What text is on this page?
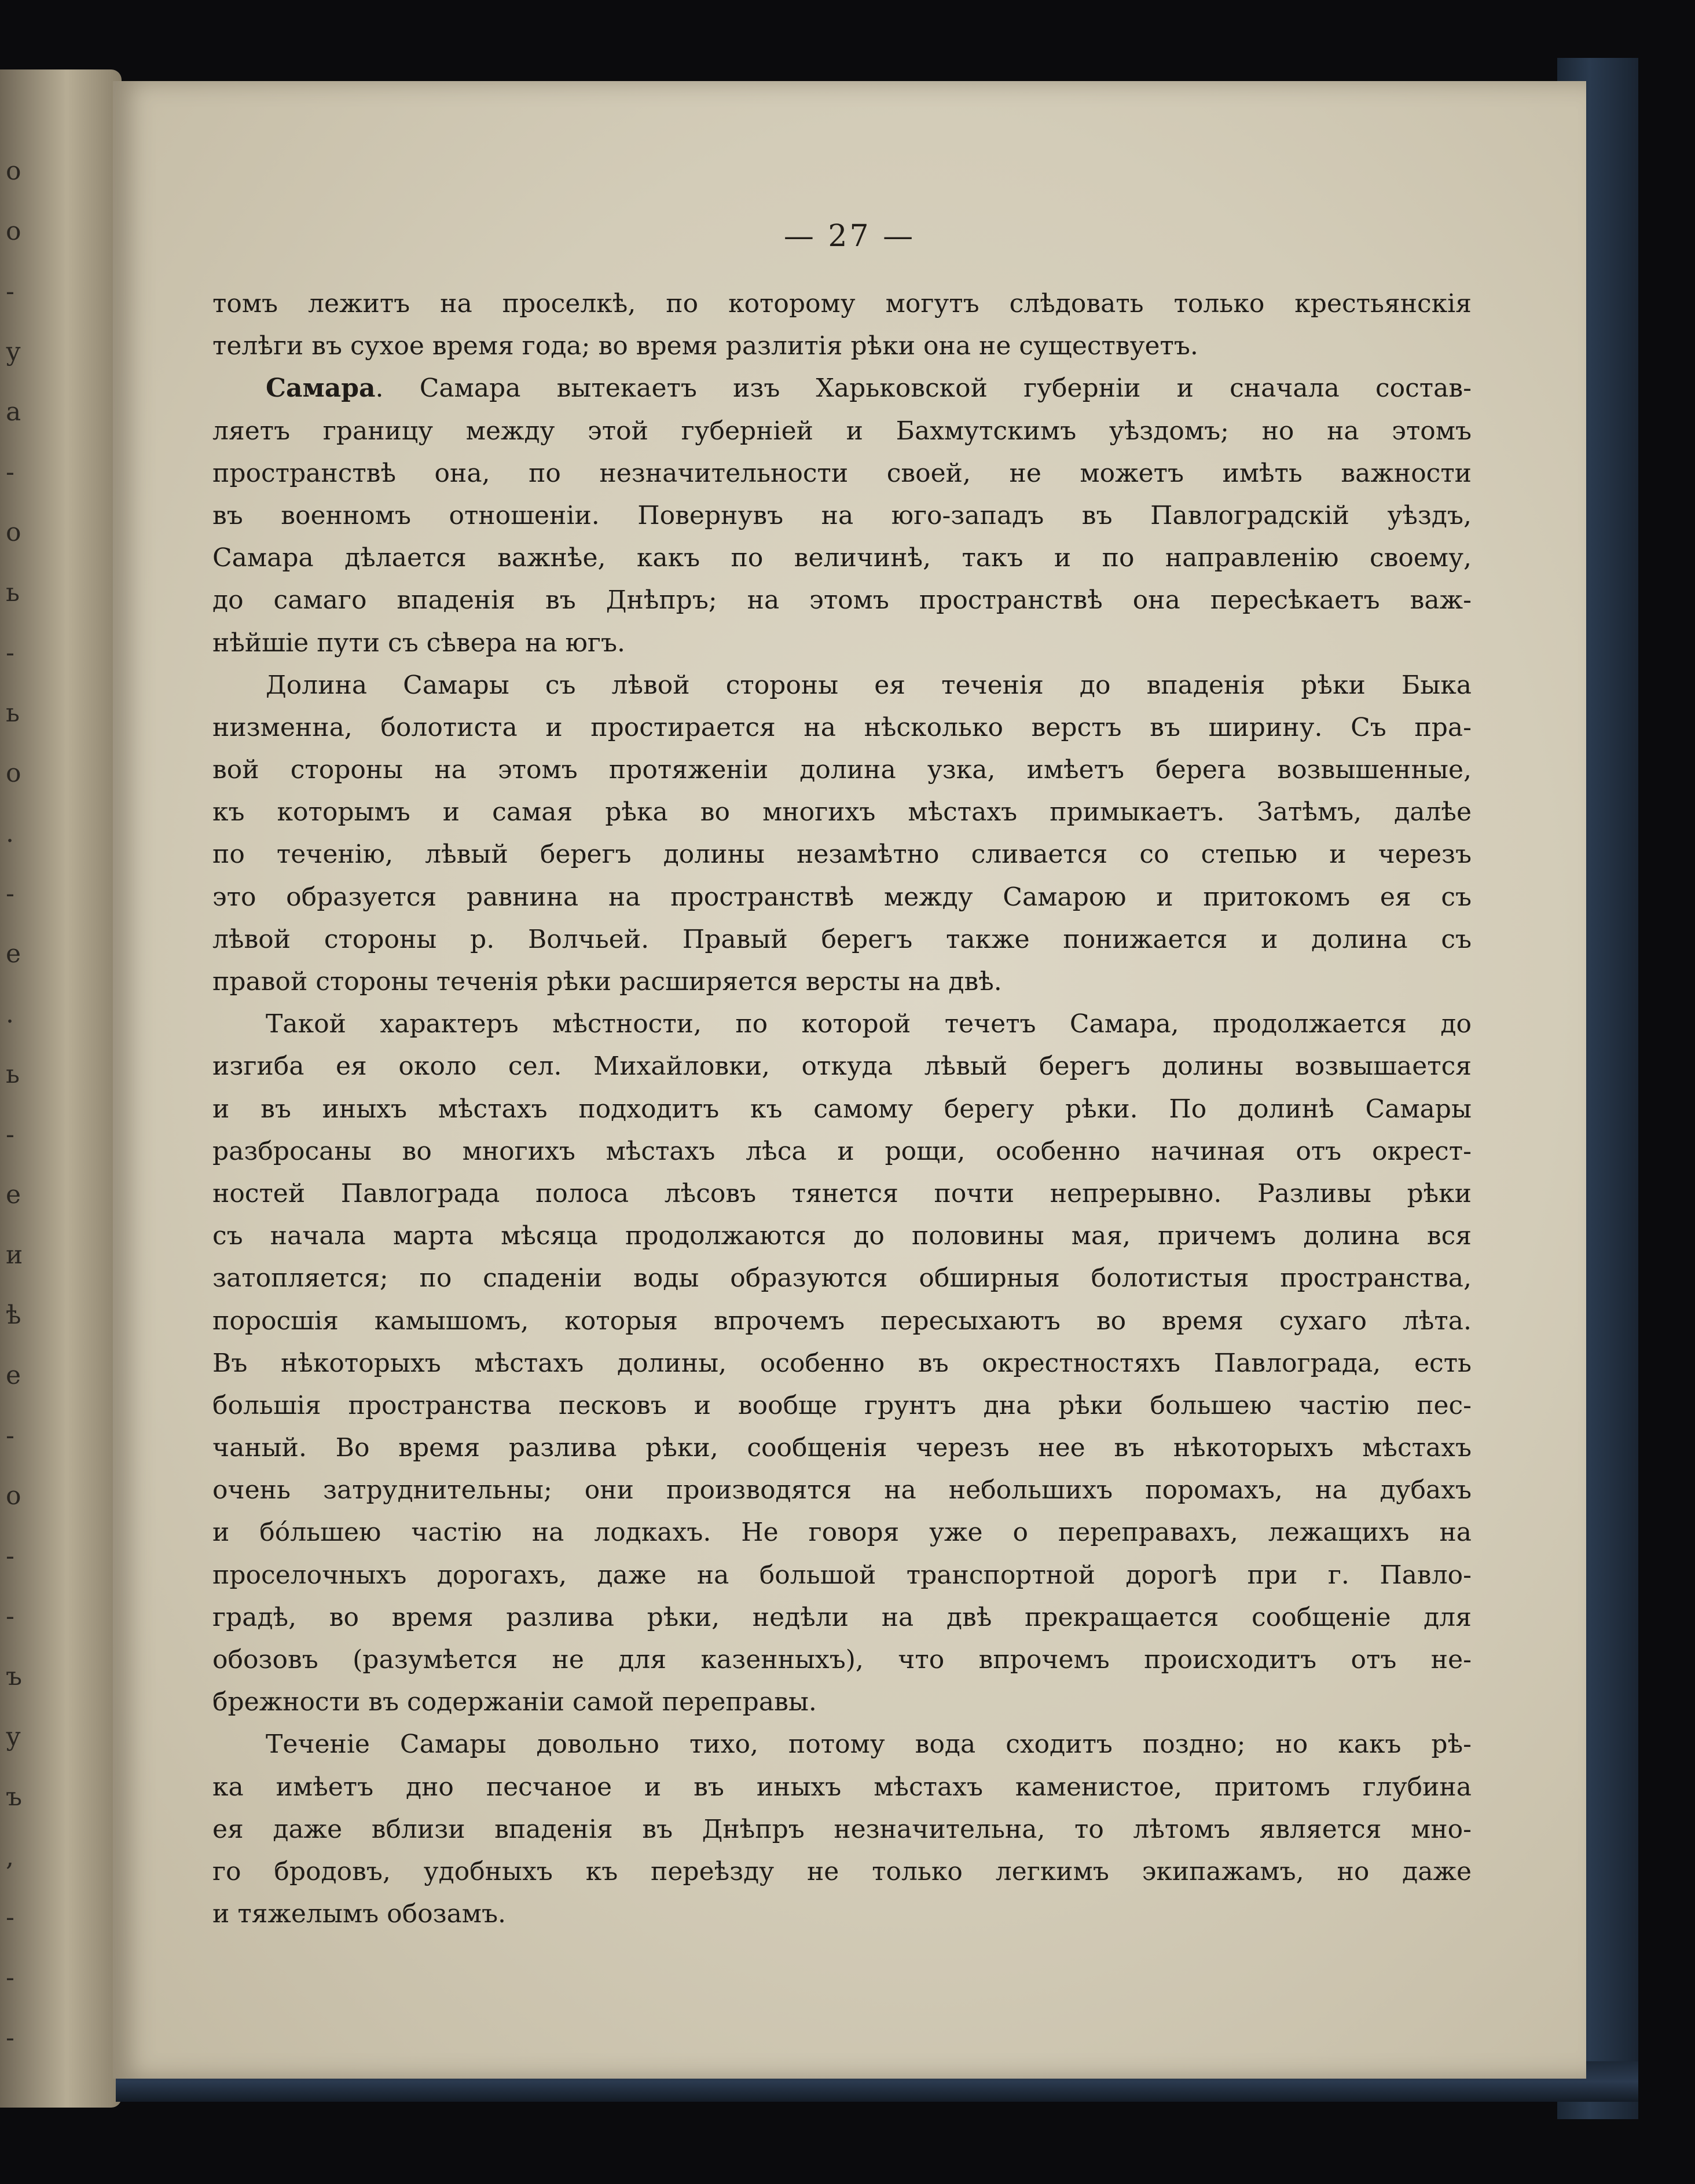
о
о
-
у
а
-
о
ь
-
ь
о
.
-
е
.
ь
-
е
и
ѣ
е
-
о
-
-
ъ
у
ъ
,
-
-
-
— 27 —
томъ лежитъ на проселкѣ, по которому могутъ слѣдовать только крестьянскія
телѣги въ сухое время года; во время разлитія рѣки она не существуетъ.
Самара. Самара вытекаетъ изъ Харьковской губерніи и сначала состав-
ляетъ границу между этой губерніей и Бахмутскимъ уѣздомъ; но на этомъ
пространствѣ она, по незначительности своей, не можетъ имѣть важности
въ военномъ отношеніи. Повернувъ на юго-западъ въ Павлоградскій уѣздъ,
Самара дѣлается важнѣе, какъ по величинѣ, такъ и по направленію своему,
до самаго впаденія въ Днѣпръ; на этомъ пространствѣ она пересѣкаетъ важ-
нѣйшіе пути съ сѣвера на югъ.
Долина Самары съ лѣвой стороны ея теченія до впаденія рѣки Быка
низменна, болотиста и простирается на нѣсколько верстъ въ ширину. Съ пра-
вой стороны на этомъ протяженіи долина узка, имѣетъ берега возвышенные,
къ которымъ и самая рѣка во многихъ мѣстахъ примыкаетъ. Затѣмъ, далѣе
по теченію, лѣвый берегъ долины незамѣтно сливается со степью и черезъ
это образуется равнина на пространствѣ между Самарою и притокомъ ея съ
лѣвой стороны р. Волчьей. Правый берегъ также понижается и долина съ
правой стороны теченія рѣки расширяется версты на двѣ.
Такой характеръ мѣстности, по которой течетъ Самара, продолжается до
изгиба ея около сел. Михайловки, откуда лѣвый берегъ долины возвышается
и въ иныхъ мѣстахъ подходитъ къ самому берегу рѣки. По долинѣ Самары
разбросаны во многихъ мѣстахъ лѣса и рощи, особенно начиная отъ окрест-
ностей Павлограда полоса лѣсовъ тянется почти непрерывно. Разливы рѣки
съ начала марта мѣсяца продолжаются до половины мая, причемъ долина вся
затопляется; по спаденіи воды образуются обширныя болотистыя пространства,
поросшія камышомъ, которыя впрочемъ пересыхаютъ во время сухаго лѣта.
Въ нѣкоторыхъ мѣстахъ долины, особенно въ окрестностяхъ Павлограда, есть
большія пространства песковъ и вообще грунтъ дна рѣки большею частію пес-
чаный. Во время разлива рѣки, сообщенія черезъ нее въ нѣкоторыхъ мѣстахъ
очень затруднительны; они производятся на небольшихъ поромахъ, на дубахъ
и бо́льшею частію на лодкахъ. Не говоря уже о переправахъ, лежащихъ на
проселочныхъ дорогахъ, даже на большой транспортной дорогѣ при г. Павло-
градѣ, во время разлива рѣки, недѣли на двѣ прекращается сообщеніе для
обозовъ (разумѣется не для казенныхъ), что впрочемъ происходитъ отъ не-
брежности въ содержаніи самой переправы.
Теченіе Самары довольно тихо, потому вода сходитъ поздно; но какъ рѣ-
ка имѣетъ дно песчаное и въ иныхъ мѣстахъ каменистое, притомъ глубина
ея даже вблизи впаденія въ Днѣпръ незначительна, то лѣтомъ является мно-
го бродовъ, удобныхъ къ переѣзду не только легкимъ экипажамъ, но даже
и тяжелымъ обозамъ.
